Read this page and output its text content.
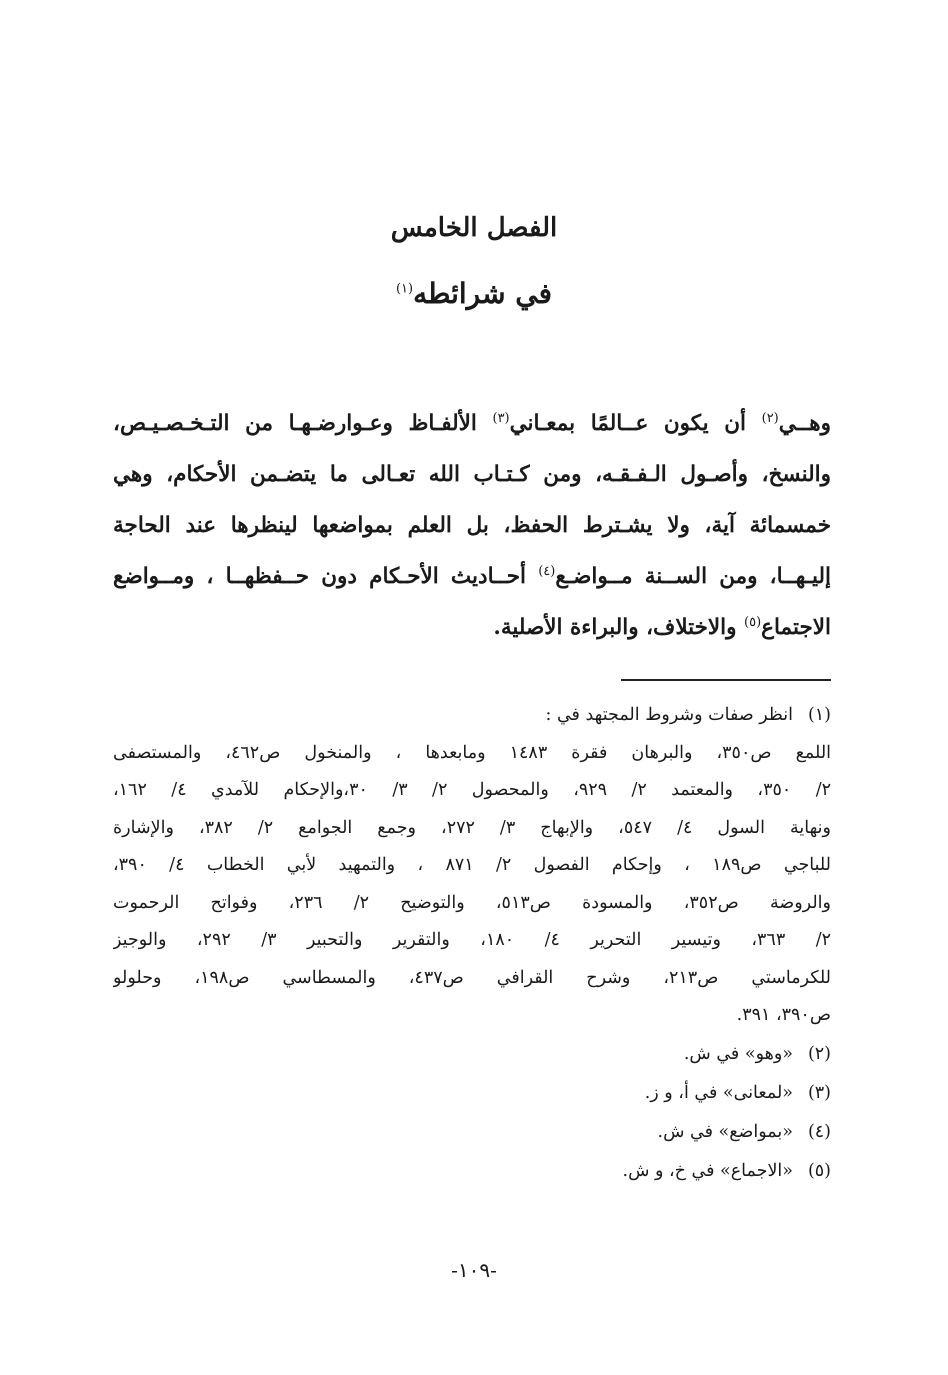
الفصل الخامس
في شرائطه$^{(١)}$
وهــي$^{(٢)}$ أن يكون عــالمًا بمعـاني$^{(٣)}$ الألفـاظ وعـوارضـهـا من التـخـصـيـص،
والنسخ، وأصـول الـفـقـه، ومن كـتـاب الله تعـالى ما يتضـمن الأحكام، وهي
خمسمائة آية، ولا يشـترط الحفظ، بل العلم بمواضعها لينظرها عند الحاجة
إليـهــا، ومن الســنة مــواضـع$^{(٤)}$ أحــاديث الأحـكام دون حــفظهــا ، ومــواضع
الاجتماع$^{(٥)}$ والاختلاف، والبراءة الأصلية.
(١)انظر صفات وشروط المجتهد في :
اللمع ص٣٥٠، والبرهان فقرة ١٤٨٣ ومابعدها ، والمنخول ص٤٦٢، والمستصفى
٢/ ٣٥٠، والمعتمد ٢/ ٩٢٩، والمحصول ٢/ ٣/ ٣٠،والإحكام للآمدي ٤/ ١٦٢،
ونهاية السول ٤/ ٥٤٧، والإبهاج ٣/ ٢٧٢، وجمع الجوامع ٢/ ٣٨٢، والإشارة
للباجي ص١٨٩ ، وإحكام الفصول ٢/ ٨٧١ ، والتمهيد لأبي الخطاب ٤/ ٣٩٠،
والروضة ص٣٥٢، والمسودة ص٥١٣، والتوضيح ٢/ ٢٣٦، وفواتح الرحموت
٢/ ٣٦٣، وتيسير التحرير ٤/ ١٨٠، والتقرير والتحبير ٣/ ٢٩٢، والوجيز
للكرماستي ص٢١٣، وشرح القرافي ص٤٣٧، والمسطاسي ص١٩٨، وحلولو
ص٣٩٠، ٣٩١.
(٢)«وهو» في ش.
(٣)«لمعانى» في أ، و ز.
(٤)«بمواضع» في ش.
(٥)«الاجماع» في خ، و ش.
-١٠٩-
